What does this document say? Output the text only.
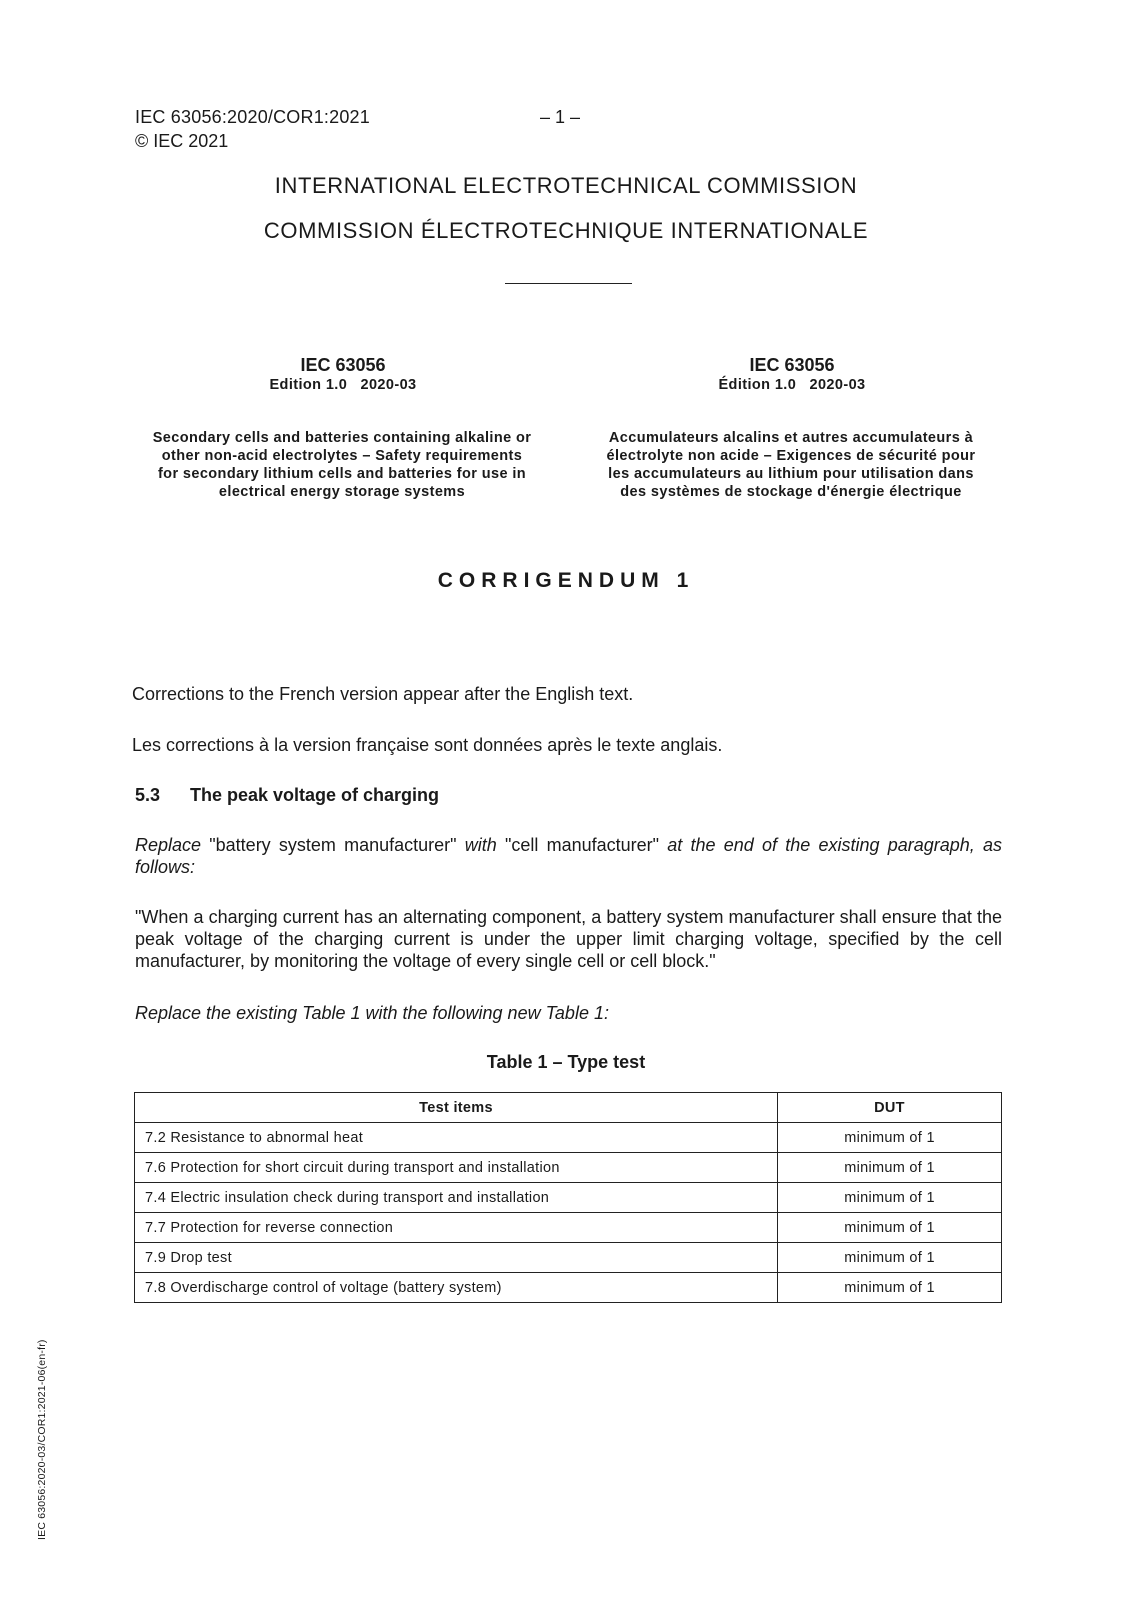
IEC 63056:2020/COR1:2021
© IEC 2021
– 1 –
INTERNATIONAL ELECTROTECHNICAL COMMISSION
COMMISSION ÉLECTROTECHNIQUE INTERNATIONALE
IEC 63056
Edition 1.0   2020-03
Secondary cells and batteries containing alkaline or other non-acid electrolytes – Safety requirements for secondary lithium cells and batteries for use in electrical energy storage systems
IEC 63056
Édition 1.0   2020-03
Accumulateurs alcalins et autres accumulateurs à électrolyte non acide – Exigences de sécurité pour les accumulateurs au lithium pour utilisation dans des systèmes de stockage d'énergie électrique
CORRIGENDUM 1
Corrections to the French version appear after the English text.
Les corrections à la version française sont données après le texte anglais.
5.3 The peak voltage of charging
Replace "battery system manufacturer" with "cell manufacturer" at the end of the existing paragraph, as follows:
"When a charging current has an alternating component, a battery system manufacturer shall ensure that the peak voltage of the charging current is under the upper limit charging voltage, specified by the cell manufacturer, by monitoring the voltage of every single cell or cell block."
Replace the existing Table 1 with the following new Table 1:
Table 1 – Type test
Test items	DUT
7.2 Resistance to abnormal heat	minimum of 1
7.6 Protection for short circuit during transport and installation	minimum of 1
7.4 Electric insulation check during transport and installation	minimum of 1
7.7 Protection for reverse connection	minimum of 1
7.9 Drop test	minimum of 1
7.8 Overdischarge control of voltage (battery system)	minimum of 1
IEC 63056:2020-03/COR1:2021-06(en-fr)
